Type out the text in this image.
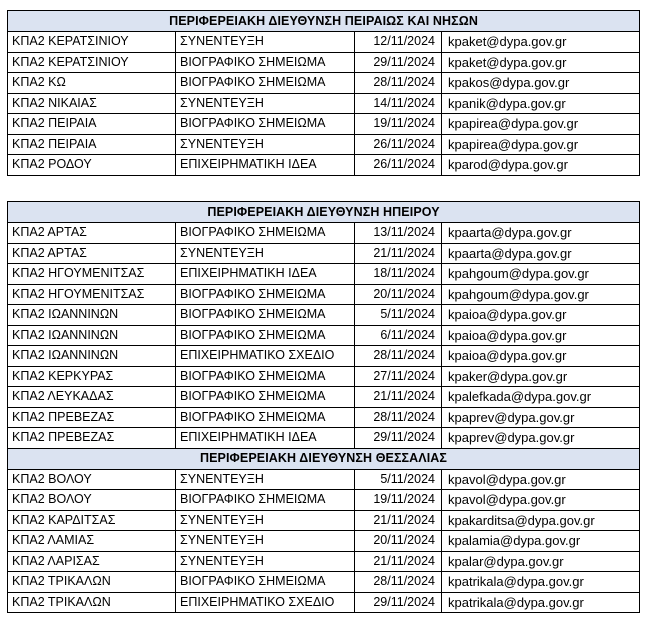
ΠΕΡΙΦΕΡΕΙΑΚΗ ΔΙΕΥΘΥΝΣΗ ΠΕΙΡΑΙΩΣ ΚΑΙ ΝΗΣΩΝ			
ΚΠΑ2 ΚΕΡΑΤΣΙΝΙΟΥ	ΣΥΝΕΝΤΕΥΞΗ	12/11/2024	kpaket@dypa.gov.gr
ΚΠΑ2 ΚΕΡΑΤΣΙΝΙΟΥ	ΒΙΟΓΡΑΦΙΚΟ ΣΗΜΕΙΩΜΑ	29/11/2024	kpaket@dypa.gov.gr
ΚΠΑ2 ΚΩ	ΒΙΟΓΡΑΦΙΚΟ ΣΗΜΕΙΩΜΑ	28/11/2024	kpakos@dypa.gov.gr
ΚΠΑ2 ΝΙΚΑΙΑΣ	ΣΥΝΕΝΤΕΥΞΗ	14/11/2024	kpanik@dypa.gov.gr
ΚΠΑ2 ΠΕΙΡΑΙΑ	ΒΙΟΓΡΑΦΙΚΟ ΣΗΜΕΙΩΜΑ	19/11/2024	kpapirea@dypa.gov.gr
ΚΠΑ2 ΠΕΙΡΑΙΑ	ΣΥΝΕΝΤΕΥΞΗ	26/11/2024	kpapirea@dypa.gov.gr
ΚΠΑ2 ΡΟΔΟΥ	ΕΠΙΧΕΙΡΗΜΑΤΙΚΗ ΙΔΕΑ	26/11/2024	kparod@dypa.gov.gr
ΠΕΡΙΦΕΡΕΙΑΚΗ ΔΙΕΥΘΥΝΣΗ ΗΠΕΙΡΟΥ			
ΚΠΑ2 ΑΡΤΑΣ	ΒΙΟΓΡΑΦΙΚΟ ΣΗΜΕΙΩΜΑ	13/11/2024	kpaarta@dypa.gov.gr
ΚΠΑ2 ΑΡΤΑΣ	ΣΥΝΕΝΤΕΥΞΗ	21/11/2024	kpaarta@dypa.gov.gr
ΚΠΑ2 ΗΓΟΥΜΕΝΙΤΣΑΣ	ΕΠΙΧΕΙΡΗΜΑΤΙΚΗ ΙΔΕΑ	18/11/2024	kpahgoum@dypa.gov.gr
ΚΠΑ2 ΗΓΟΥΜΕΝΙΤΣΑΣ	ΒΙΟΓΡΑΦΙΚΟ ΣΗΜΕΙΩΜΑ	20/11/2024	kpahgoum@dypa.gov.gr
ΚΠΑ2 ΙΩΑΝΝΙΝΩΝ	ΒΙΟΓΡΑΦΙΚΟ ΣΗΜΕΙΩΜΑ	5/11/2024	kpaioa@dypa.gov.gr
ΚΠΑ2 ΙΩΑΝΝΙΝΩΝ	ΒΙΟΓΡΑΦΙΚΟ ΣΗΜΕΙΩΜΑ	6/11/2024	kpaioa@dypa.gov.gr
ΚΠΑ2 ΙΩΑΝΝΙΝΩΝ	ΕΠΙΧΕΙΡΗΜΑΤΙΚΟ ΣΧΕΔΙΟ	28/11/2024	kpaioa@dypa.gov.gr
ΚΠΑ2 ΚΕΡΚΥΡΑΣ	ΒΙΟΓΡΑΦΙΚΟ ΣΗΜΕΙΩΜΑ	27/11/2024	kpaker@dypa.gov.gr
ΚΠΑ2 ΛΕΥΚΑΔΑΣ	ΒΙΟΓΡΑΦΙΚΟ ΣΗΜΕΙΩΜΑ	21/11/2024	kpalefkada@dypa.gov.gr
ΚΠΑ2 ΠΡΕΒΕΖΑΣ	ΒΙΟΓΡΑΦΙΚΟ ΣΗΜΕΙΩΜΑ	28/11/2024	kpaprev@dypa.gov.gr
ΚΠΑ2 ΠΡΕΒΕΖΑΣ	ΕΠΙΧΕΙΡΗΜΑΤΙΚΗ ΙΔΕΑ	29/11/2024	kpaprev@dypa.gov.gr
ΠΕΡΙΦΕΡΕΙΑΚΗ ΔΙΕΥΘΥΝΣΗ ΘΕΣΣΑΛΙΑΣ			
ΚΠΑ2 ΒΟΛΟΥ	ΣΥΝΕΝΤΕΥΞΗ	5/11/2024	kpavol@dypa.gov.gr
ΚΠΑ2 ΒΟΛΟΥ	ΒΙΟΓΡΑΦΙΚΟ ΣΗΜΕΙΩΜΑ	19/11/2024	kpavol@dypa.gov.gr
ΚΠΑ2 ΚΑΡΔΙΤΣΑΣ	ΣΥΝΕΝΤΕΥΞΗ	21/11/2024	kpakarditsa@dypa.gov.gr
ΚΠΑ2 ΛΑΜΙΑΣ	ΣΥΝΕΝΤΕΥΞΗ	20/11/2024	kpalamia@dypa.gov.gr
ΚΠΑ2 ΛΑΡΙΣΑΣ	ΣΥΝΕΝΤΕΥΞΗ	21/11/2024	kpalar@dypa.gov.gr
ΚΠΑ2 ΤΡΙΚΑΛΩΝ	ΒΙΟΓΡΑΦΙΚΟ ΣΗΜΕΙΩΜΑ	28/11/2024	kpatrikala@dypa.gov.gr
ΚΠΑ2 ΤΡΙΚΑΛΩΝ	ΕΠΙΧΕΙΡΗΜΑΤΙΚΟ ΣΧΕΔΙΟ	29/11/2024	kpatrikala@dypa.gov.gr
